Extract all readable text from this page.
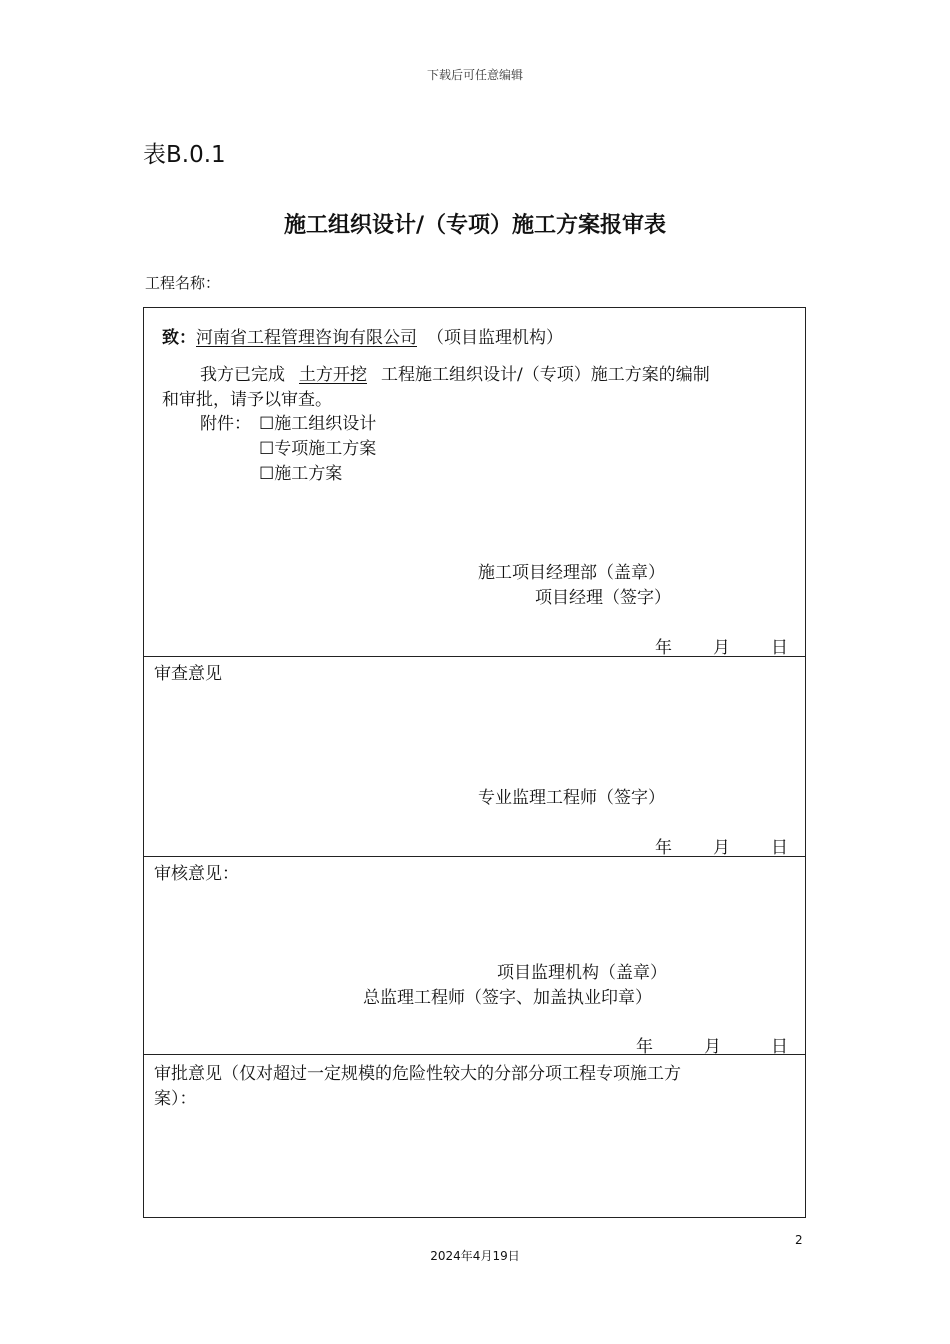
下载后可任意编辑
表B.0.1
施工组织设计/（专项）施工方案报审表
工程名称：
致：河南省工程管理咨询有限公司 （项目监理机构）
我方已完成 土方开挖 工程施工组织设计/（专项）施工方案的编制
和审批，请予以审查。
附件： ☐施工组织设计
☐专项施工方案
☐施工方案
施工项目经理部（盖章）
项目经理（签字）
年 月 日
审查意见
专业监理工程师（签字）
年 月 日
审核意见：
项目监理机构（盖章）
总监理工程师（签字、加盖执业印章）
年	月	日
审批意见（仅对超过一定规模的危险性较大的分部分项工程专项施工方
案）：
2
2024年4月19日
